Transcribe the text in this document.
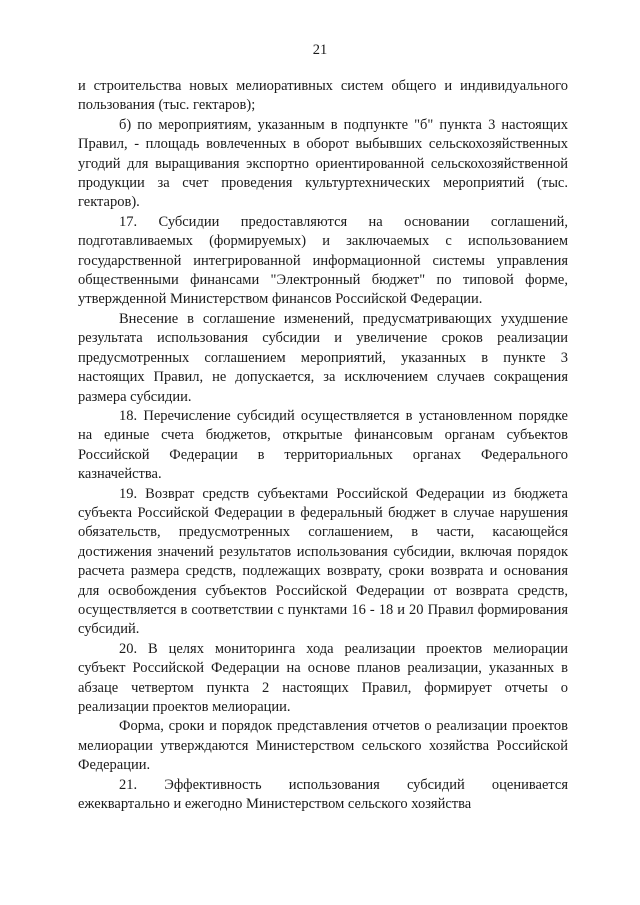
21

и строительства новых мелиоративных систем общего и индивидуального пользования (тыс. гектаров);

б) по мероприятиям, указанным в подпункте "б" пункта 3 настоящих Правил, - площадь вовлеченных в оборот выбывших сельскохозяйственных угодий для выращивания экспортно ориентированной сельскохозяйственной продукции за счет проведения культуртехнических мероприятий (тыс. гектаров).

17. Субсидии предоставляются на основании соглашений, подготавливаемых (формируемых) и заключаемых с использованием государственной интегрированной информационной системы управления общественными финансами "Электронный бюджет" по типовой форме, утвержденной Министерством финансов Российской Федерации.

Внесение в соглашение изменений, предусматривающих ухудшение результата использования субсидии и увеличение сроков реализации предусмотренных соглашением мероприятий, указанных в пункте 3 настоящих Правил, не допускается, за исключением случаев сокращения размера субсидии.

18. Перечисление субсидий осуществляется в установленном порядке на единые счета бюджетов, открытые финансовым органам субъектов Российской Федерации в территориальных органах Федерального казначейства.

19. Возврат средств субъектами Российской Федерации из бюджета субъекта Российской Федерации в федеральный бюджет в случае нарушения обязательств, предусмотренных соглашением, в части, касающейся достижения значений результатов использования субсидии, включая порядок расчета размера средств, подлежащих возврату, сроки возврата и основания для освобождения субъектов Российской Федерации от возврата средств, осуществляется в соответствии с пунктами 16 - 18 и 20 Правил формирования субсидий.

20. В целях мониторинга хода реализации проектов мелиорации субъект Российской Федерации на основе планов реализации, указанных в абзаце четвертом пункта 2 настоящих Правил, формирует отчеты о реализации проектов мелиорации.

Форма, сроки и порядок представления отчетов о реализации проектов мелиорации утверждаются Министерством сельского хозяйства Российской Федерации.

21. Эффективность использования субсидий оценивается ежеквартально и ежегодно Министерством сельского хозяйства
